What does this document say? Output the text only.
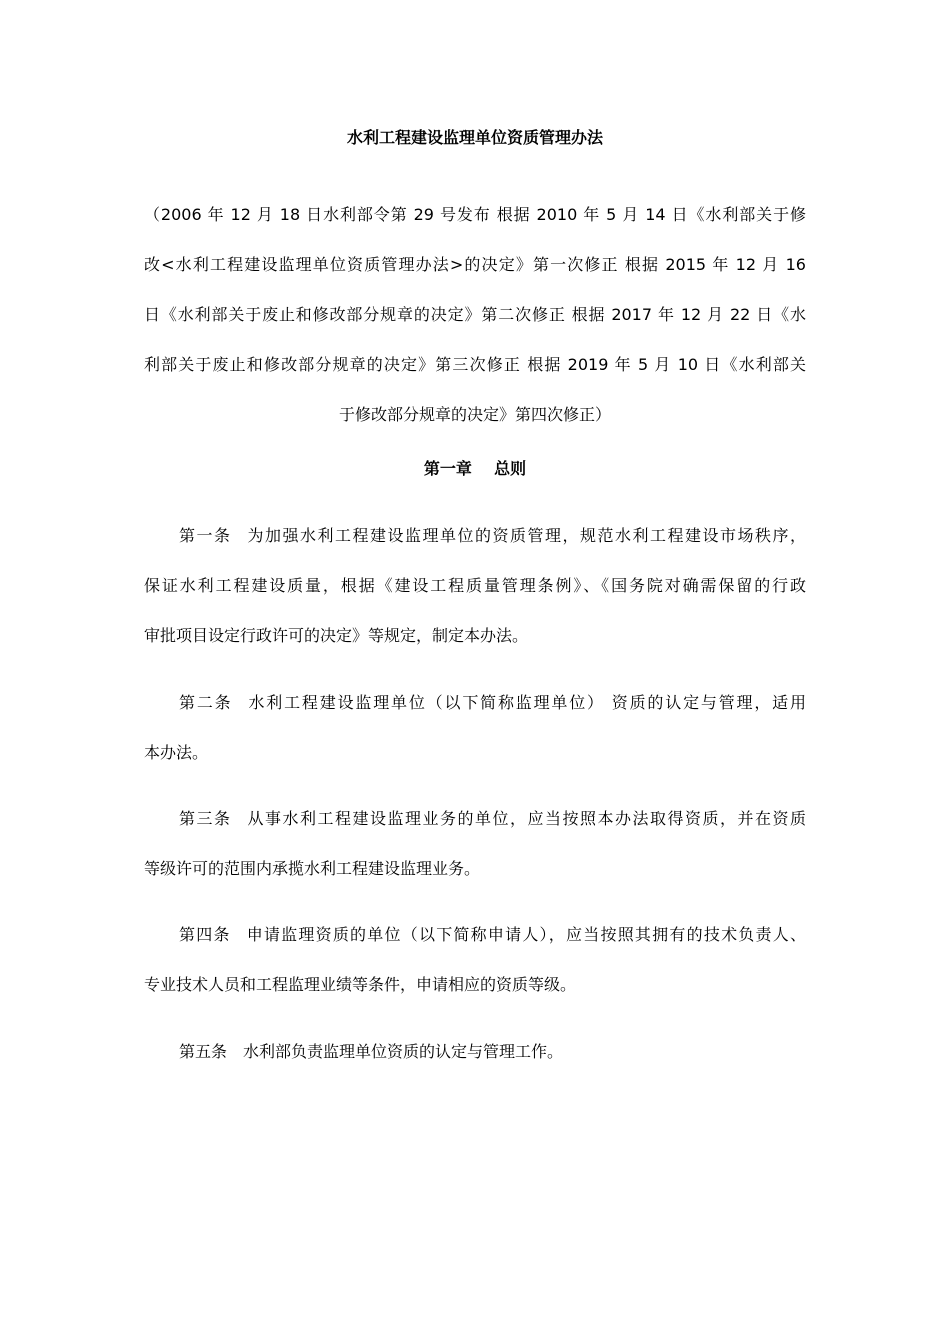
水利工程建设监理单位资质管理办法
（2006 年 12 月 18 日水利部令第 29 号发布 根据 2010 年 5 月 14 日《水利部关于修
改<水利工程建设监理单位资质管理办法>的决定》第一次修正 根据 2015 年 12 月 16
日《水利部关于废止和修改部分规章的决定》第二次修正 根据 2017 年 12 月 22 日《水
利部关于废止和修改部分规章的决定》第三次修正 根据 2019 年 5 月 10 日《水利部关
于修改部分规章的决定》第四次修正）
第一章    总则
第一条 为加强水利工程建设监理单位的资质管理，规范水利工程建设市场秩序，
保证水利工程建设质量，根据《建设工程质量管理条例》、《国务院对确需保留的行政
审批项目设定行政许可的决定》等规定，制定本办法。
第二条 水利工程建设监理单位（以下简称监理单位） 资质的认定与管理，适用
本办法。
第三条 从事水利工程建设监理业务的单位，应当按照本办法取得资质，并在资质
等级许可的范围内承揽水利工程建设监理业务。
第四条 申请监理资质的单位（以下简称申请人），应当按照其拥有的技术负责人、
专业技术人员和工程监理业绩等条件，申请相应的资质等级。
第五条 水利部负责监理单位资质的认定与管理工作。
